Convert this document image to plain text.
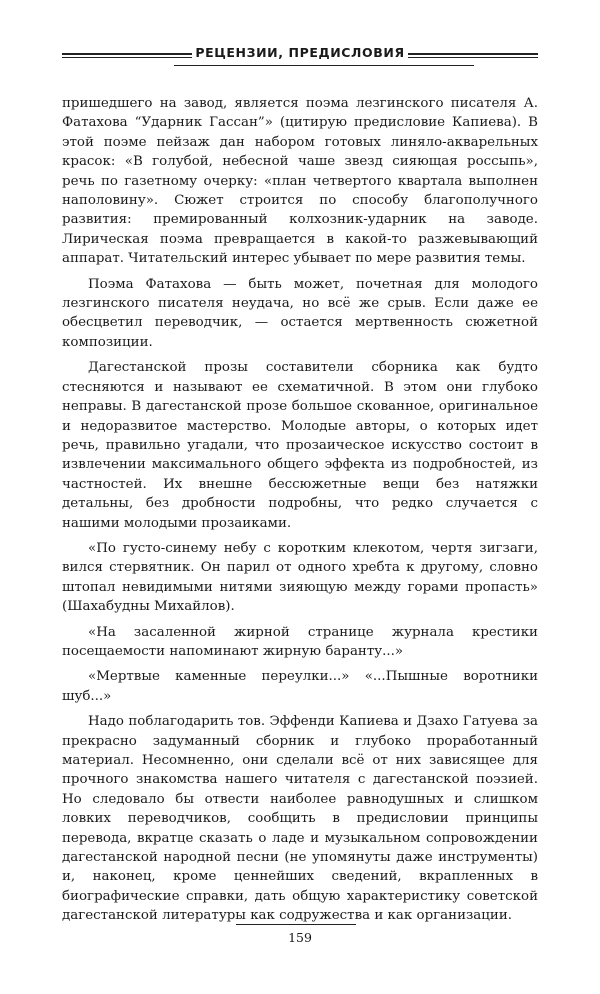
РЕЦЕНЗИИ, ПРЕДИСЛОВИЯ

пришедшего на завод, является поэма лезгинского писателя А. Фатахова “Ударник Гассан”» (цитирую предисловие Капиева). В этой поэме пейзаж дан набором готовых линяло-акварельных красок: «В голубой, небесной чаше звезд сияющая россыпь», речь по газетному очерку: «план четвертого квартала выполнен наполовину». Сюжет строится по способу благополучного развития: премированный колхозник-ударник на заводе. Лирическая поэма превращается в какой-то разжевывающий аппарат. Читательский интерес убывает по мере развития темы.

Поэма Фатахова — быть может, почетная для молодого лезгинского писателя неудача, но всё же срыв. Если даже ее обесцветил переводчик, — остается мертвенность сюжетной композиции.

Дагестанской прозы составители сборника как будто стесняются и называют ее схематичной. В этом они глубоко неправы. В дагестанской прозе большое скованное, оригинальное и недоразвитое мастерство. Молодые авторы, о которых идет речь, правильно угадали, что прозаическое искусство состоит в извлечении максимального общего эффекта из подробностей, из частностей. Их внешне бессюжетные вещи без натяжки детальны, без дробности подробны, что редко случается с нашими молодыми прозаиками.

«По густо-синему небу с коротким клекотом, чертя зигзаги, вился стервятник. Он парил от одного хребта к другому, словно штопал невидимыми нитями зияющую между горами пропасть» (Шахабудны Михайлов).

«На засаленной жирной странице журнала крестики посещаемости напоминают жирную баранту...»

«Мертвые каменные переулки...» «...Пышные воротники шуб...»

Надо поблагодарить тов. Эффенди Капиева и Дзахо Гатуева за прекрасно задуманный сборник и глубоко проработанный материал. Несомненно, они сделали всё от них зависящее для прочного знакомства нашего читателя с дагестанской поэзией. Но следовало бы отвести наиболее равнодушных и слишком ловких переводчиков, сообщить в предисловии принципы перевода, вкратце сказать о ладе и музыкальном сопровождении дагестанской народной песни (не упомянуты даже инструменты) и, наконец, кроме ценнейших сведений, вкрапленных в биографические справки, дать общую характеристику советской дагестанской литературы как содружества и как организации.

159
